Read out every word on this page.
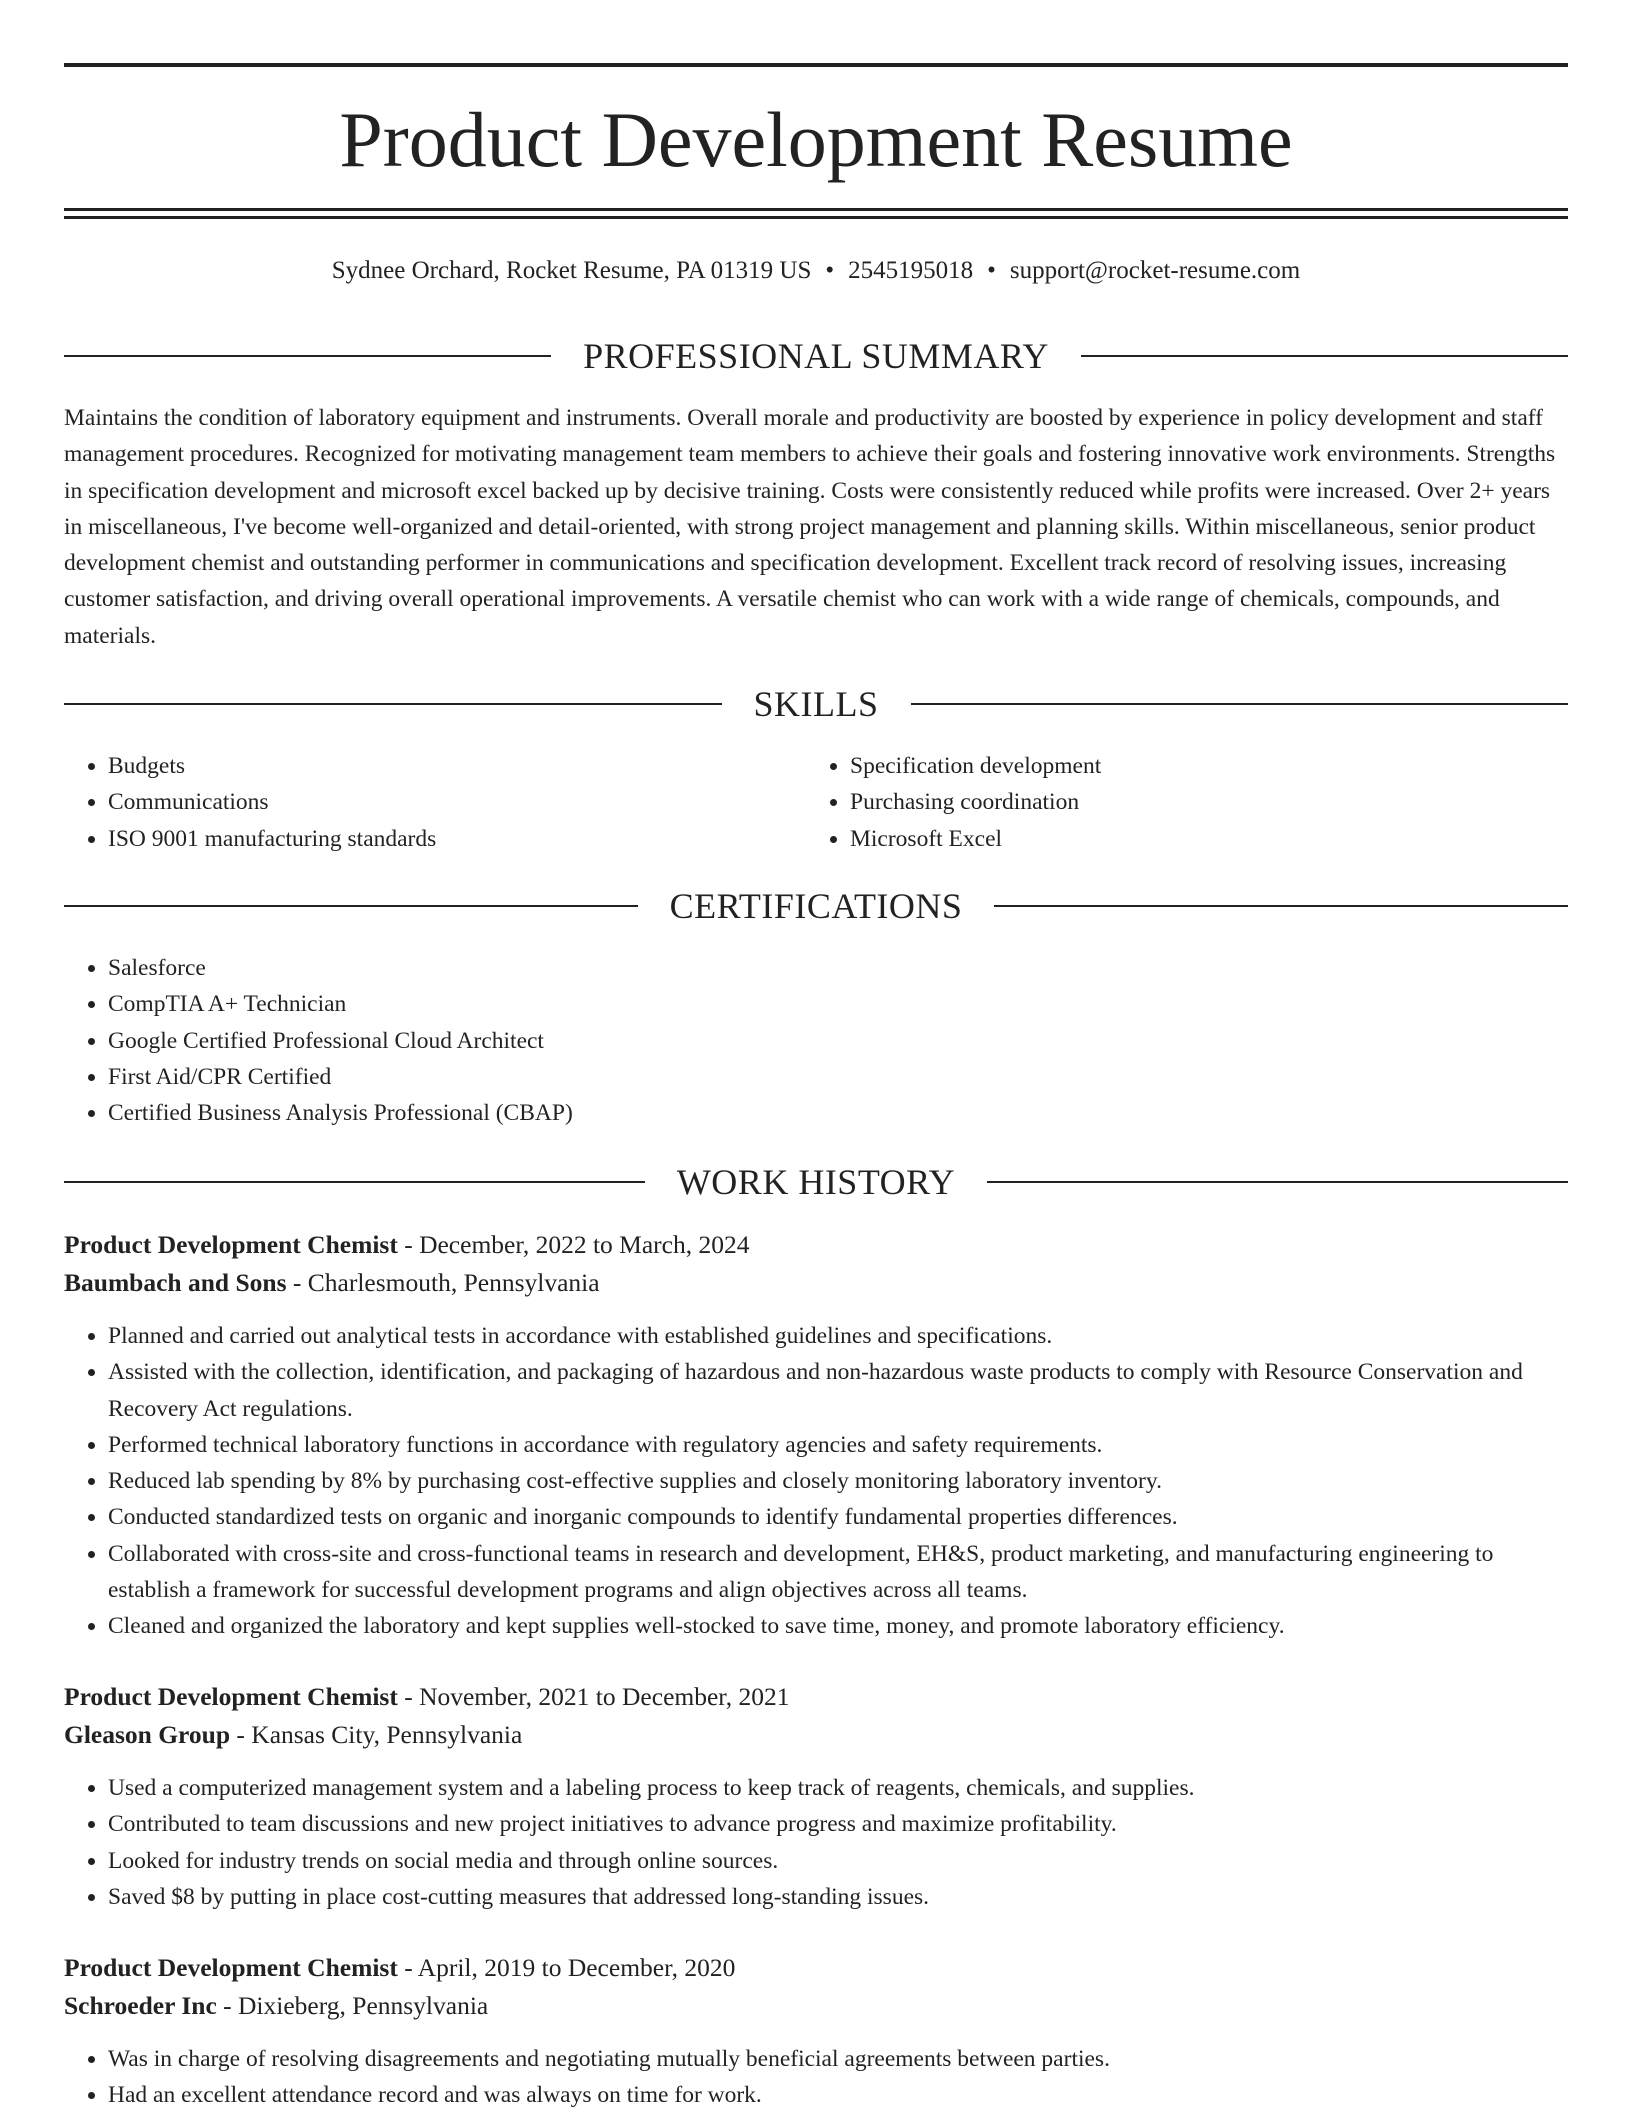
Product Development Resume
Sydnee Orchard, Rocket Resume, PA 01319 US • 2545195018 • support@rocket-resume.com
PROFESSIONAL SUMMARY

Maintains the condition of laboratory equipment and instruments. Overall morale and productivity are boosted by experience in policy development and staff management procedures. Recognized for motivating management team members to achieve their goals and fostering innovative work environments. Strengths in specification development and microsoft excel backed up by decisive training. Costs were consistently reduced while profits were increased. Over 2+ years in miscellaneous, I've become well-organized and detail-oriented, with strong project management and planning skills. Within miscellaneous, senior product development chemist and outstanding performer in communications and specification development. Excellent track record of resolving issues, increasing customer satisfaction, and driving overall operational improvements. A versatile chemist who can work with a wide range of chemicals, compounds, and materials.

SKILLS
• Budgets
• Communications
• ISO 9001 manufacturing standards
• Specification development
• Purchasing coordination
• Microsoft Excel
CERTIFICATIONS
• Salesforce
• CompTIA A+ Technician
• Google Certified Professional Cloud Architect
• First Aid/CPR Certified
• Certified Business Analysis Professional (CBAP)
WORK HISTORY
Product Development Chemist - December, 2022 to March, 2024
Baumbach and Sons - Charlesmouth, Pennsylvania
• Planned and carried out analytical tests in accordance with established guidelines and specifications.
• Assisted with the collection, identification, and packaging of hazardous and non-hazardous waste products to comply with Resource Conservation and Recovery Act regulations.
• Performed technical laboratory functions in accordance with regulatory agencies and safety requirements.
• Reduced lab spending by 8% by purchasing cost-effective supplies and closely monitoring laboratory inventory.
• Conducted standardized tests on organic and inorganic compounds to identify fundamental properties differences.
• Collaborated with cross-site and cross-functional teams in research and development, EH&S, product marketing, and manufacturing engineering to establish a framework for successful development programs and align objectives across all teams.
• Cleaned and organized the laboratory and kept supplies well-stocked to save time, money, and promote laboratory efficiency.
Product Development Chemist - November, 2021 to December, 2021
Gleason Group - Kansas City, Pennsylvania
• Used a computerized management system and a labeling process to keep track of reagents, chemicals, and supplies.
• Contributed to team discussions and new project initiatives to advance progress and maximize profitability.
• Looked for industry trends on social media and through online sources.
• Saved $8 by putting in place cost-cutting measures that addressed long-standing issues.
Product Development Chemist - April, 2019 to December, 2020
Schroeder Inc - Dixieberg, Pennsylvania
• Was in charge of resolving disagreements and negotiating mutually beneficial agreements between parties.
• Had an excellent attendance record and was always on time for work.
